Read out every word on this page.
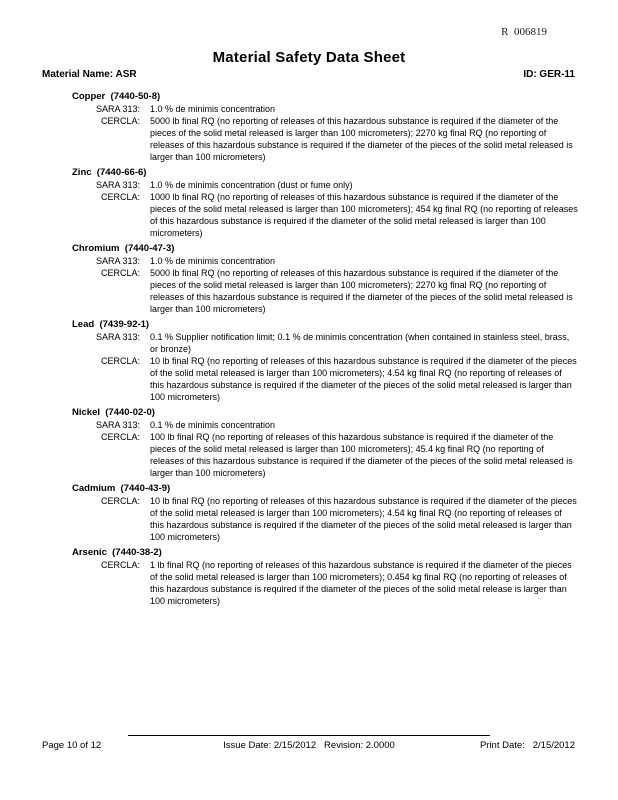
R  006819
Material Safety Data Sheet
Material Name: ASR	ID: GER-11
Copper  (7440-50-8)
SARA 313: 1.0 % de minimis concentration
CERCLA: 5000 lb final RQ (no reporting of releases of this hazardous substance is required if the diameter of the pieces of the solid metal released is larger than 100 micrometers); 2270 kg final RQ (no reporting of releases of this hazardous substance is required if the diameter of the pieces of the solid metal released is larger than 100 micrometers)
Zinc  (7440-66-6)
SARA 313: 1.0 % de minimis concentration (dust or fume only)
CERCLA: 1000 lb final RQ (no reporting of releases of this hazardous substance is required if the diameter of the pieces of the solid metal released is larger than 100 micrometers); 454 kg final RQ (no reporting of releases of this hazardous substance is required if the diameter of the solid metal released is larger than 100 micrometers)
Chromium  (7440-47-3)
SARA 313: 1.0 % de minimis concentration
CERCLA: 5000 lb final RQ (no reporting of releases of this hazardous substance is required if the diameter of the pieces of the solid metal released is larger than 100 micrometers); 2270 kg final RQ (no reporting of releases of this hazardous substance is required if the diameter of the pieces of the solid metal released is larger than 100 micrometers)
Lead  (7439-92-1)
SARA 313: 0.1 % Supplier notification limit; 0.1 % de minimis concentration (when contained in stainless steel, brass, or bronze)
CERCLA: 10 lb final RQ (no reporting of releases of this hazardous substance is required if the diameter of the pieces of the solid metal released is larger than 100 micrometers); 4.54 kg final RQ (no reporting of releases of this hazardous substance is required if the diameter of the pieces of the solid metal released is larger than 100 micrometers)
Nickel  (7440-02-0)
SARA 313: 0.1 % de minimis concentration
CERCLA: 100 lb final RQ (no reporting of releases of this hazardous substance is required if the diameter of the pieces of the solid metal released is larger than 100 micrometers); 45.4 kg final RQ (no reporting of releases of this hazardous substance is required if the diameter of the pieces of the solid metal released is larger than 100 micrometers)
Cadmium  (7440-43-9)
CERCLA: 10 lb final RQ (no reporting of releases of this hazardous substance is required if the diameter of the pieces of the solid metal released is larger than 100 micrometers); 4.54 kg final RQ (no reporting of releases of this hazardous substance is required if the diameter of the pieces of the solid metal released is larger than 100 micrometers)
Arsenic  (7440-38-2)
CERCLA: 1 lb final RQ (no reporting of releases of this hazardous substance is required if the diameter of the pieces of the solid metal released is larger than 100 micrometers); 0.454 kg final RQ (no reporting of releases of this hazardous substance is required if the diameter of the pieces of the solid metal release is larger than 100 micrometers)
Page 10 of 12	Issue Date: 2/15/2012   Revision: 2.0000	Print Date:   2/15/2012
